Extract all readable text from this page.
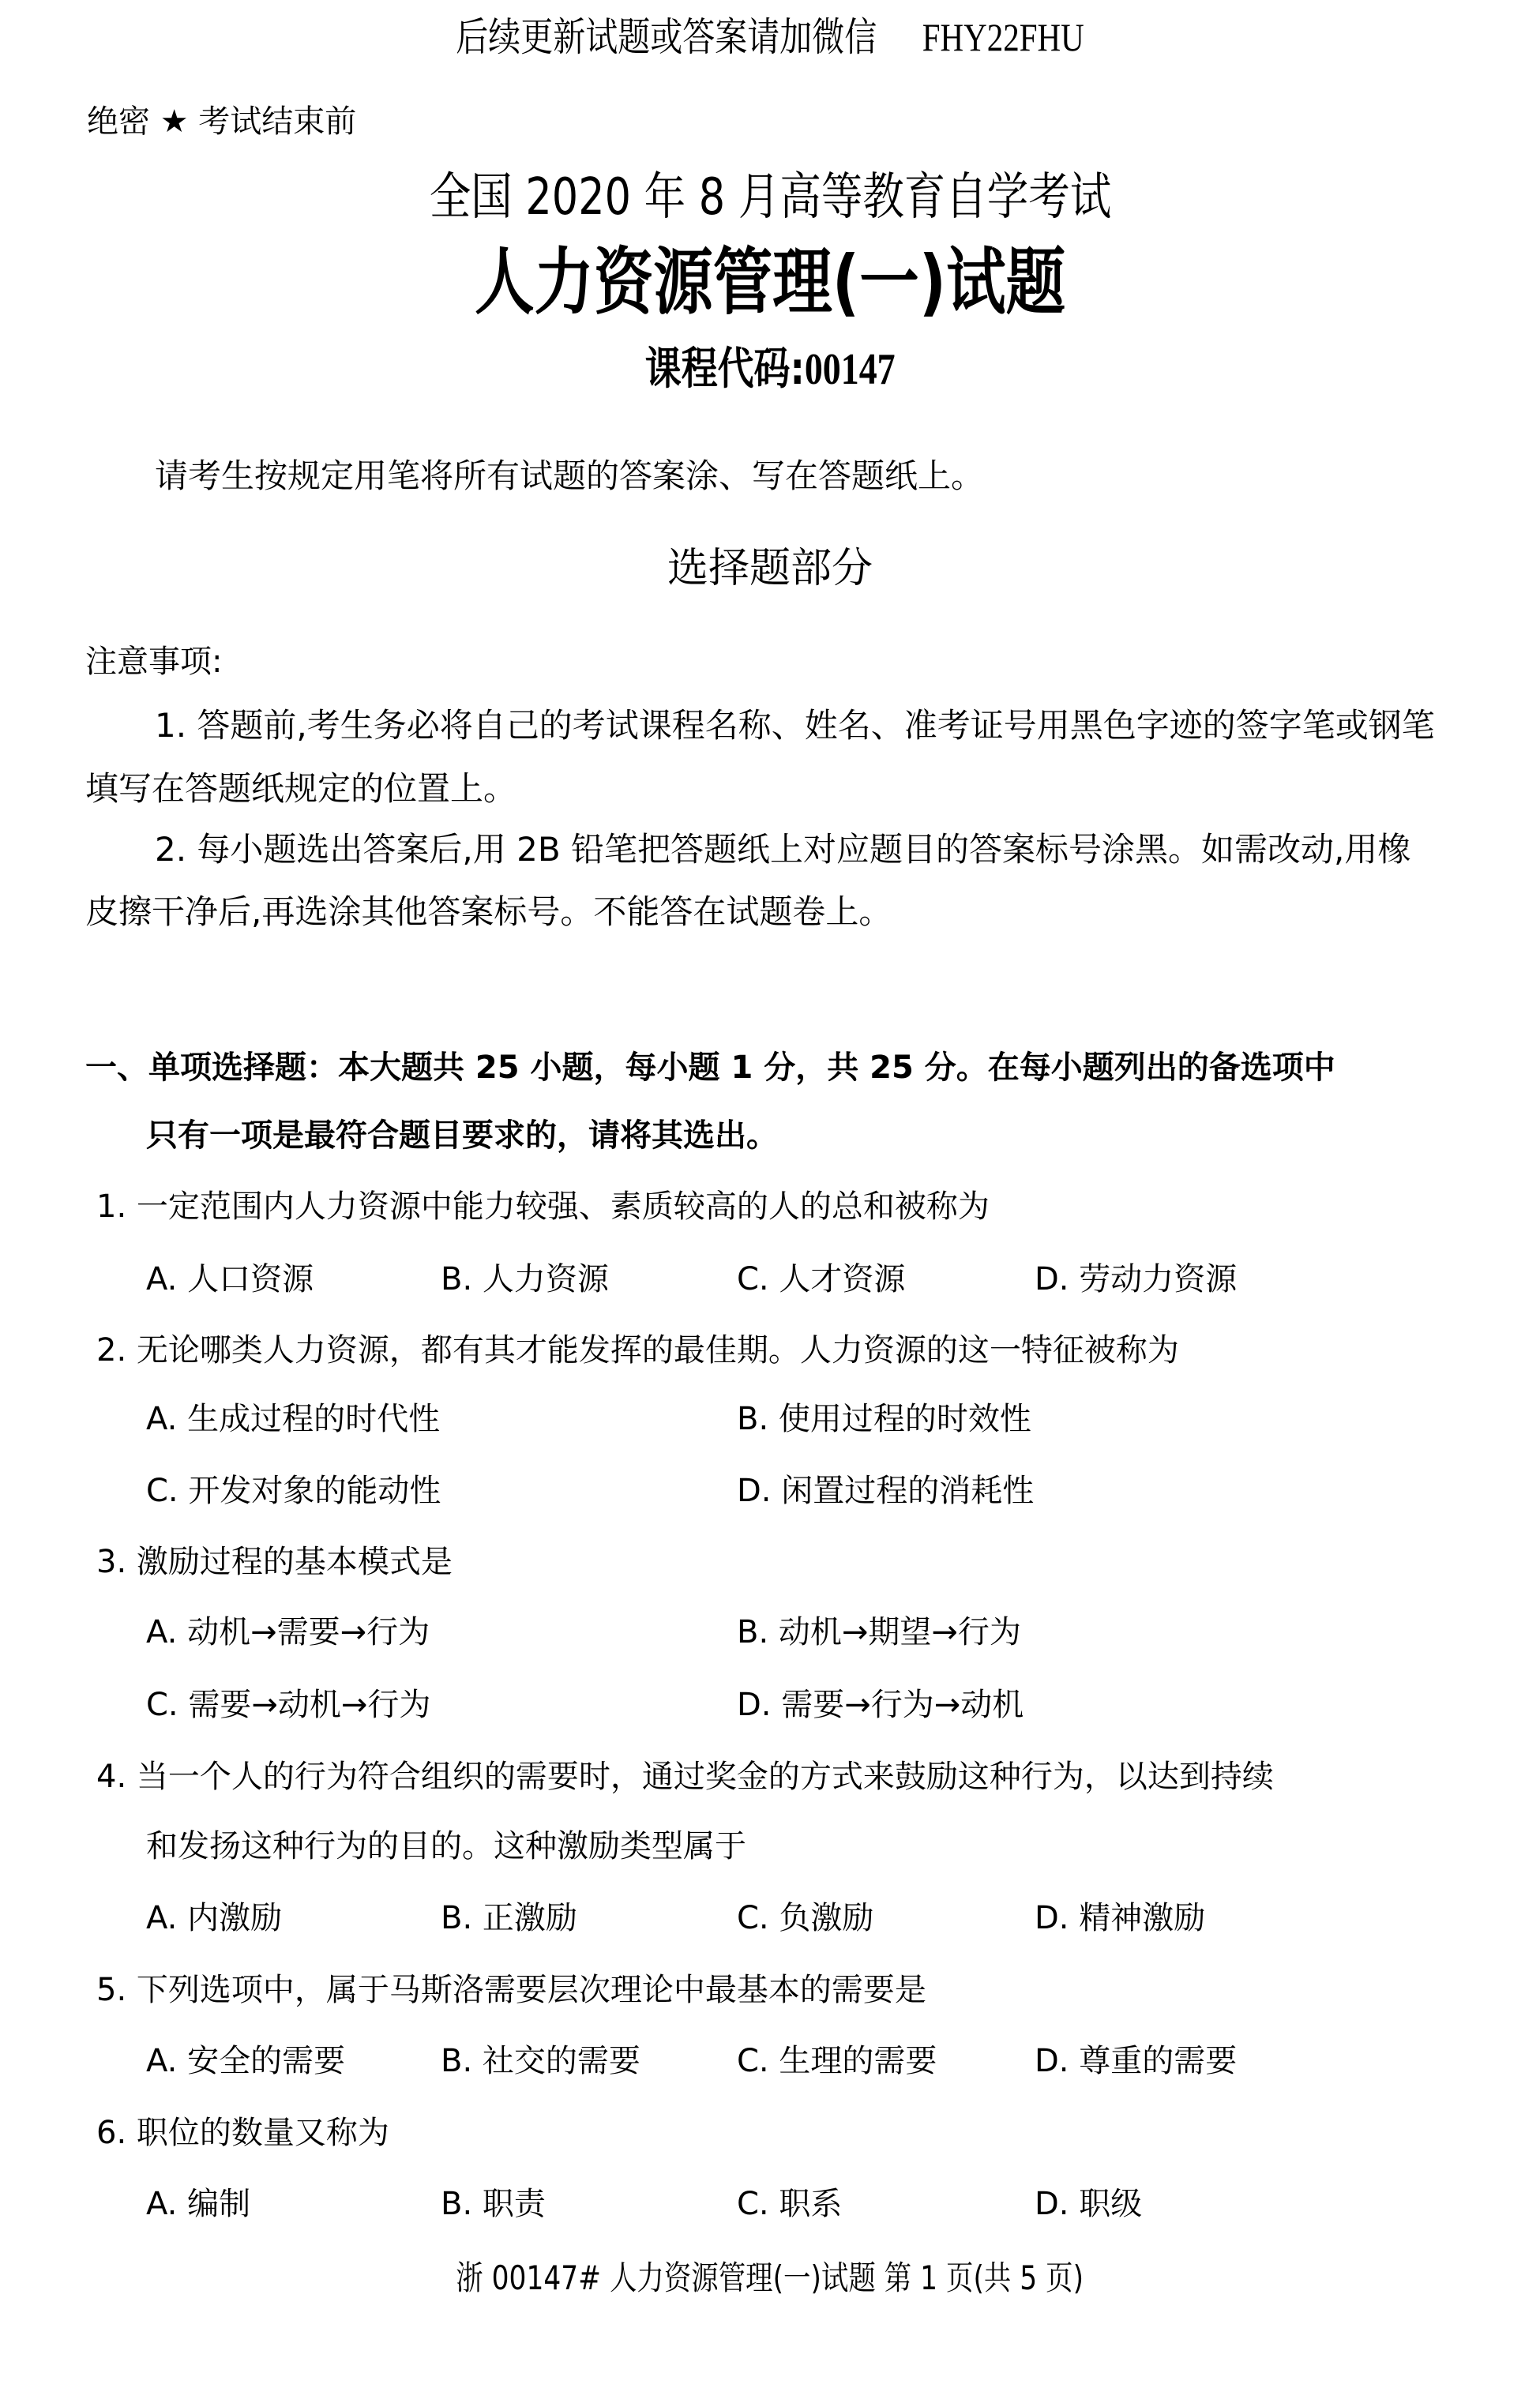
后续更新试题或答案请加微信 FHY22FHU
绝密 ★ 考试结束前
全国 2020 年 8 月高等教育自学考试
人力资源管理(一)试题
课程代码:00147
请考生按规定用笔将所有试题的答案涂、写在答题纸上。
选择题部分
注意事项:
1. 答题前,考生务必将自己的考试课程名称、姓名、准考证号用黑色字迹的签字笔或钢笔
填写在答题纸规定的位置上。
2. 每小题选出答案后,用 2B 铅笔把答题纸上对应题目的答案标号涂黑。如需改动,用橡
皮擦干净后,再选涂其他答案标号。不能答在试题卷上。
一、单项选择题：本大题共 25 小题，每小题 1 分，共 25 分。在每小题列出的备选项中
只有一项是最符合题目要求的，请将其选出。
1. 一定范围内人力资源中能力较强、素质较高的人的总和被称为
A. 人口资源	B. 人力资源	C. 人才资源	D. 劳动力资源
2. 无论哪类人力资源，都有其才能发挥的最佳期。人力资源的这一特征被称为
A. 生成过程的时代性	B. 使用过程的时效性
C. 开发对象的能动性	D. 闲置过程的消耗性
3. 激励过程的基本模式是
A. 动机→需要→行为	B. 动机→期望→行为
C. 需要→动机→行为	D. 需要→行为→动机
4. 当一个人的行为符合组织的需要时，通过奖金的方式来鼓励这种行为，以达到持续
和发扬这种行为的目的。这种激励类型属于
A. 内激励	B. 正激励	C. 负激励	D. 精神激励
5. 下列选项中，属于马斯洛需要层次理论中最基本的需要是
A. 安全的需要	B. 社交的需要	C. 生理的需要	D. 尊重的需要
6. 职位的数量又称为
A. 编制	B. 职责	C. 职系	D. 职级
浙 00147# 人力资源管理(一)试题 第 1 页(共 5 页)
